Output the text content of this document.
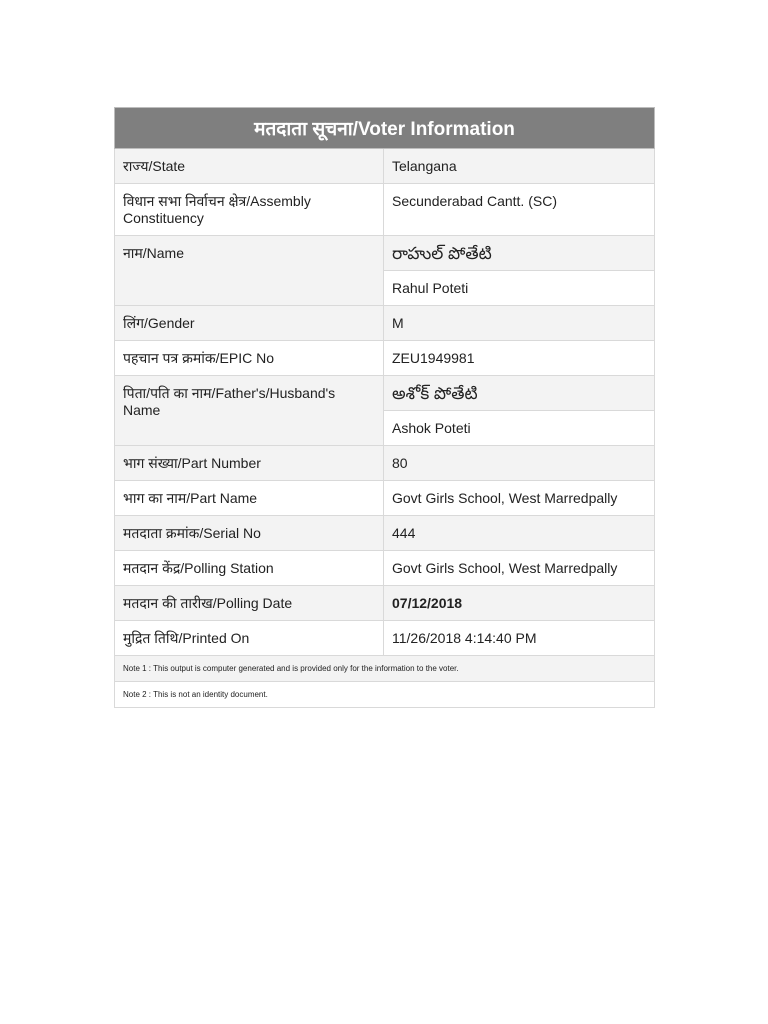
मतदाता सूचना/Voter Information	
राज्य/State	Telangana
विधान सभा निर्वाचन क्षेत्र/Assembly Constituency	Secunderabad Cantt. (SC)
नाम/Name	రాహుల్ పోతేటి
	Rahul Poteti
लिंग/Gender	M
पहचान पत्र क्रमांक/EPIC No	ZEU1949981
पिता/पति का नाम/Father's/Husband's Name	అశోక్ పోతేటి
	Ashok Poteti
भाग संख्या/Part Number	80
भाग का नाम/Part Name	Govt Girls School, West Marredpally
मतदाता क्रमांक/Serial No	444
मतदान केंद्र/Polling Station	Govt Girls School, West Marredpally
मतदान की तारीख/Polling Date	07/12/2018
मुद्रित तिथि/Printed On	11/26/2018 4:14:40 PM
Note 1 : This output is computer generated and is provided only for the information to the voter.	
Note 2 : This is not an identity document.	
